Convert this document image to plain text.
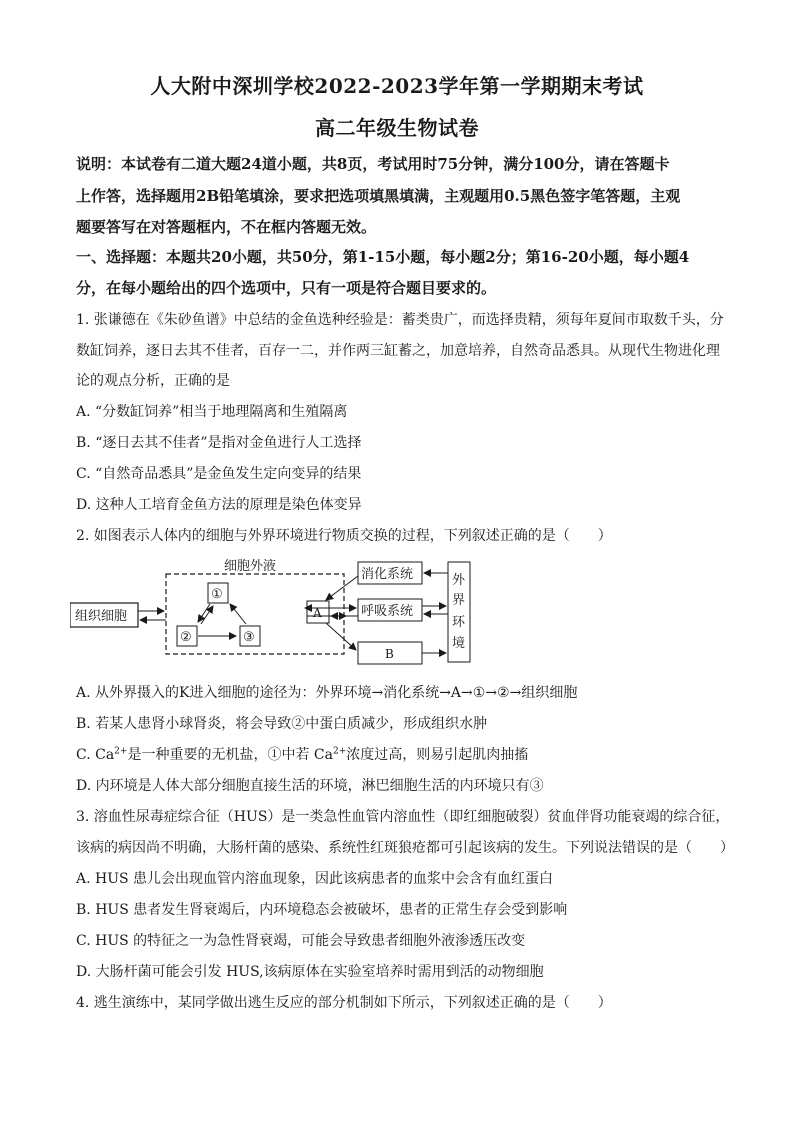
人大附中深圳学校2022-2023学年第一学期期末考试
高二年级生物试卷
说明：本试卷有二道大题24道小题，共8页，考试用时75分钟，满分100分，请在答题卡
上作答，选择题用2B铅笔填涂，要求把选项填黑填满，主观题用0.5黑色签字笔答题，主观
题要答写在对答题框内，不在框内答题无效。
一、选择题：本题共20小题，共50分，第1-15小题，每小题2分；第16-20小题，每小题4
分，在每小题给出的四个选项中，只有一项是符合题目要求的。
1. 张谦德在《朱砂鱼谱》中总结的金鱼选种经验是：蓄类贵广，而选择贵精，须每年夏间市取数千头，分
数缸饲养，逐日去其不佳者，百存一二，并作两三缸蓄之，加意培养，自然奇品悉具。从现代生物进化理
论的观点分析，正确的是
A. “分数缸饲养”相当于地理隔离和生殖隔离
B. “逐日去其不佳者”是指对金鱼进行人工选择
C. “自然奇品悉具”是金鱼发生定向变异的结果
D. 这种人工培育金鱼方法的原理是染色体变异
2. 如图表示人体内的细胞与外界环境进行物质交换的过程，下列叙述正确的是（　　）
细胞外液
①
②	③
组织细胞	A
消化系统
呼吸系统
B
外
界
环
境
A. 从外界摄入的K进入细胞的途径为：外界环境→消化系统→A→①→②→组织细胞
B. 若某人患肾小球肾炎，将会导致②中蛋白质减少，形成组织水肿
C. $Ca^{2+}$是一种重要的无机盐，①中若 $Ca^{2+}$浓度过高，则易引起肌肉抽搐
D. 内环境是人体大部分细胞直接生活的环境，淋巴细胞生活的内环境只有③
3. 溶血性尿毒症综合征（HUS）是一类急性血管内溶血性（即红细胞破裂）贫血伴肾功能衰竭的综合征，
该病的病因尚不明确，大肠杆菌的感染、系统性红斑狼疮都可引起该病的发生。下列说法错误的是（　　）
A. HUS 患儿会出现血管内溶血现象，因此该病患者的血浆中会含有血红蛋白
B. HUS 患者发生肾衰竭后，内环境稳态会被破坏，患者的正常生存会受到影响
C. HUS 的特征之一为急性肾衰竭，可能会导致患者细胞外液渗透压改变
D. 大肠杆菌可能会引发 HUS,该病原体在实验室培养时需用到活的动物细胞
4. 逃生演练中，某同学做出逃生反应的部分机制如下所示，下列叙述正确的是（　　）
